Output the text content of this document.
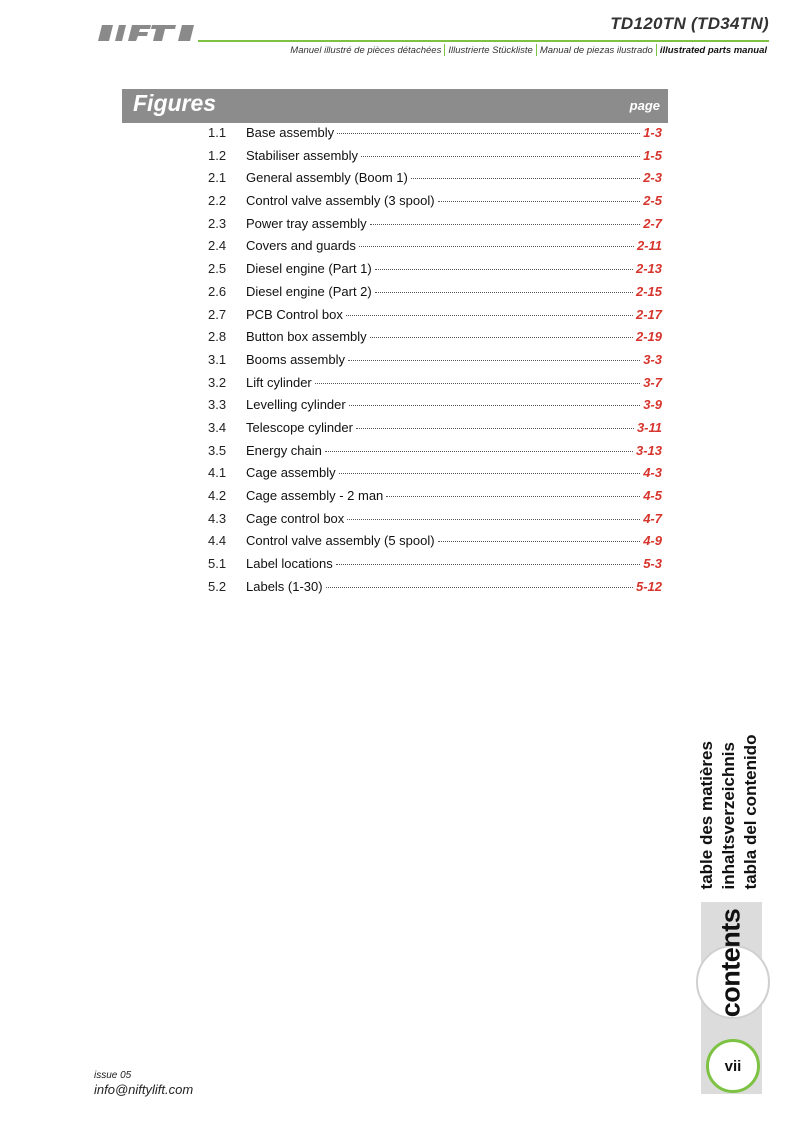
TD120TN (TD34TN)
Manuel illustré de pièces détachées Illustrierte Stückliste Manual de piezas ilustrado illustrated parts manual
Figures	page
1.1	Base assembly	1-3
1.2	Stabiliser assembly	1-5
2.1	General assembly (Boom 1)	2-3
2.2	Control valve assembly (3 spool)	2-5
2.3	Power tray assembly	2-7
2.4	Covers and guards	2-11
2.5	Diesel engine (Part 1)	2-13
2.6	Diesel engine (Part 2)	2-15
2.7	PCB Control box	2-17
2.8	Button box assembly	2-19
3.1	Booms assembly	3-3
3.2	Lift cylinder	3-7
3.3	Levelling cylinder	3-9
3.4	Telescope cylinder	3-11
3.5	Energy chain	3-13
4.1	Cage assembly	4-3
4.2	Cage assembly - 2 man	4-5
4.3	Cage control box	4-7
4.4	Control valve assembly (5 spool)	4-9
5.1	Label locations	5-3
5.2	Labels (1-30)	5-12
contents
table des matières inhaltsverzeichnis tabla del contenido
vii
issue 05
info@niftylift.com
